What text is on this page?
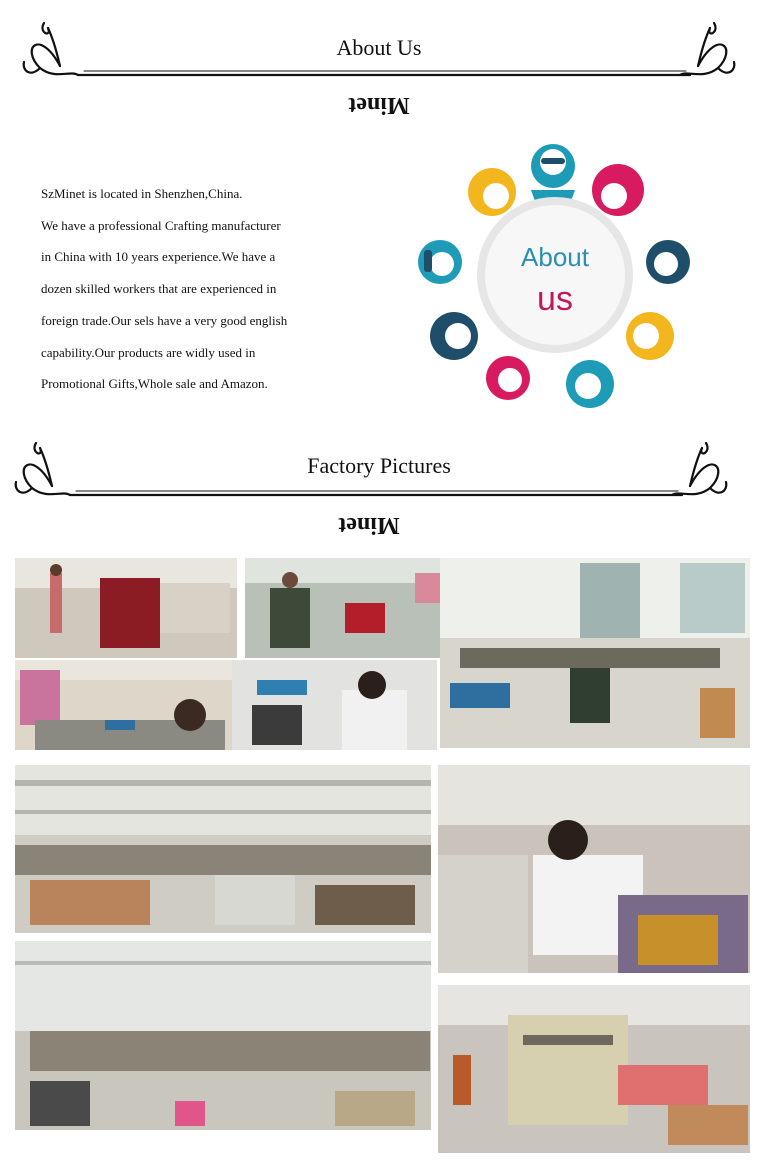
About Us
Minet

SzMinet is located in Shenzhen,China.

We have a professional Crafting manufacturer

in China with 10 years experience.We have a

dozen skilled workers that are experienced in

foreign trade.Our sels have a very good english

capability.Our products are widly used in

Promotional Gifts,Whole sale and Amazon.

About
us
Factory Pictures
Minet
